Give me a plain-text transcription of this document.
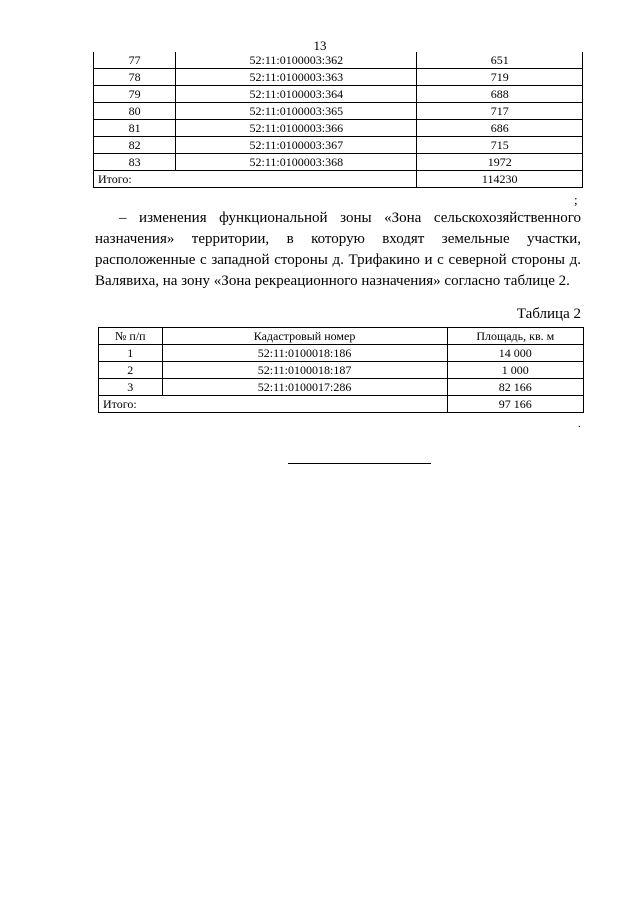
13
77	52:11:0100003:362	651
78	52:11:0100003:363	719
79	52:11:0100003:364	688
80	52:11:0100003:365	717
81	52:11:0100003:366	686
82	52:11:0100003:367	715
83	52:11:0100003:368	1972
Итого:		114230
;
– изменения функциональной зоны «Зона сельскохозяйственного назначения» территории, в которую входят земельные участки, расположенные с западной стороны д. Трифакино и с северной стороны д. Валявиха, на зону «Зона рекреационного назначения» согласно таблице 2.
Таблица 2
№ п/п	Кадастровый номер	Площадь, кв. м
1	52:11:0100018:186	14 000
2	52:11:0100018:187	1 000
3	52:11:0100017:286	82 166
Итого:		97 166
.
